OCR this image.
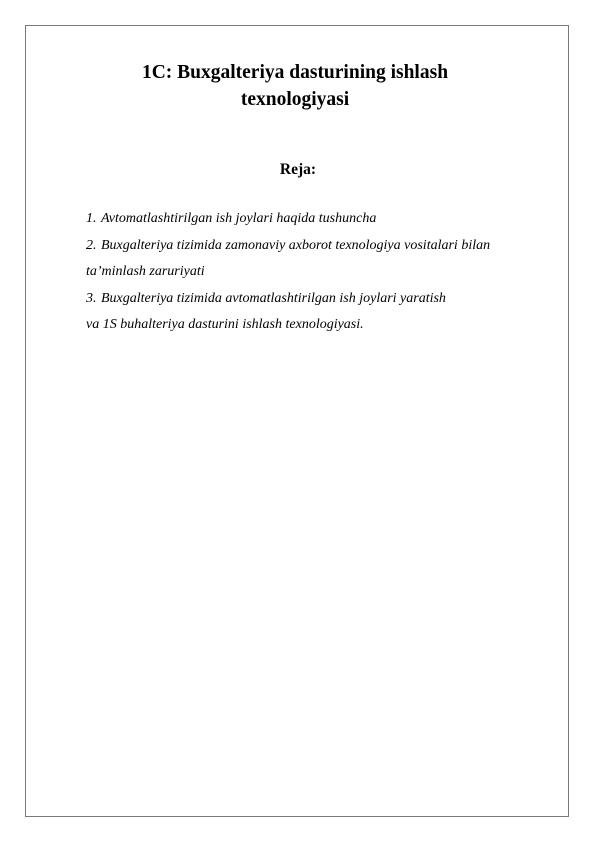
1C: Buxgalteriya dasturining ishlash
texnologiyasi
Reja:
1. Avtomatlashtirilgan ish joylari haqida tushuncha
2. Buxgalteriya tizimida zamonaviy axborot texnologiya vositalari bilan
ta’minlash zaruriyati
3. Buxgalteriya tizimida avtomatlashtirilgan ish joylari yaratish
va 1S buhalteriya dasturini ishlash texnologiyasi.
